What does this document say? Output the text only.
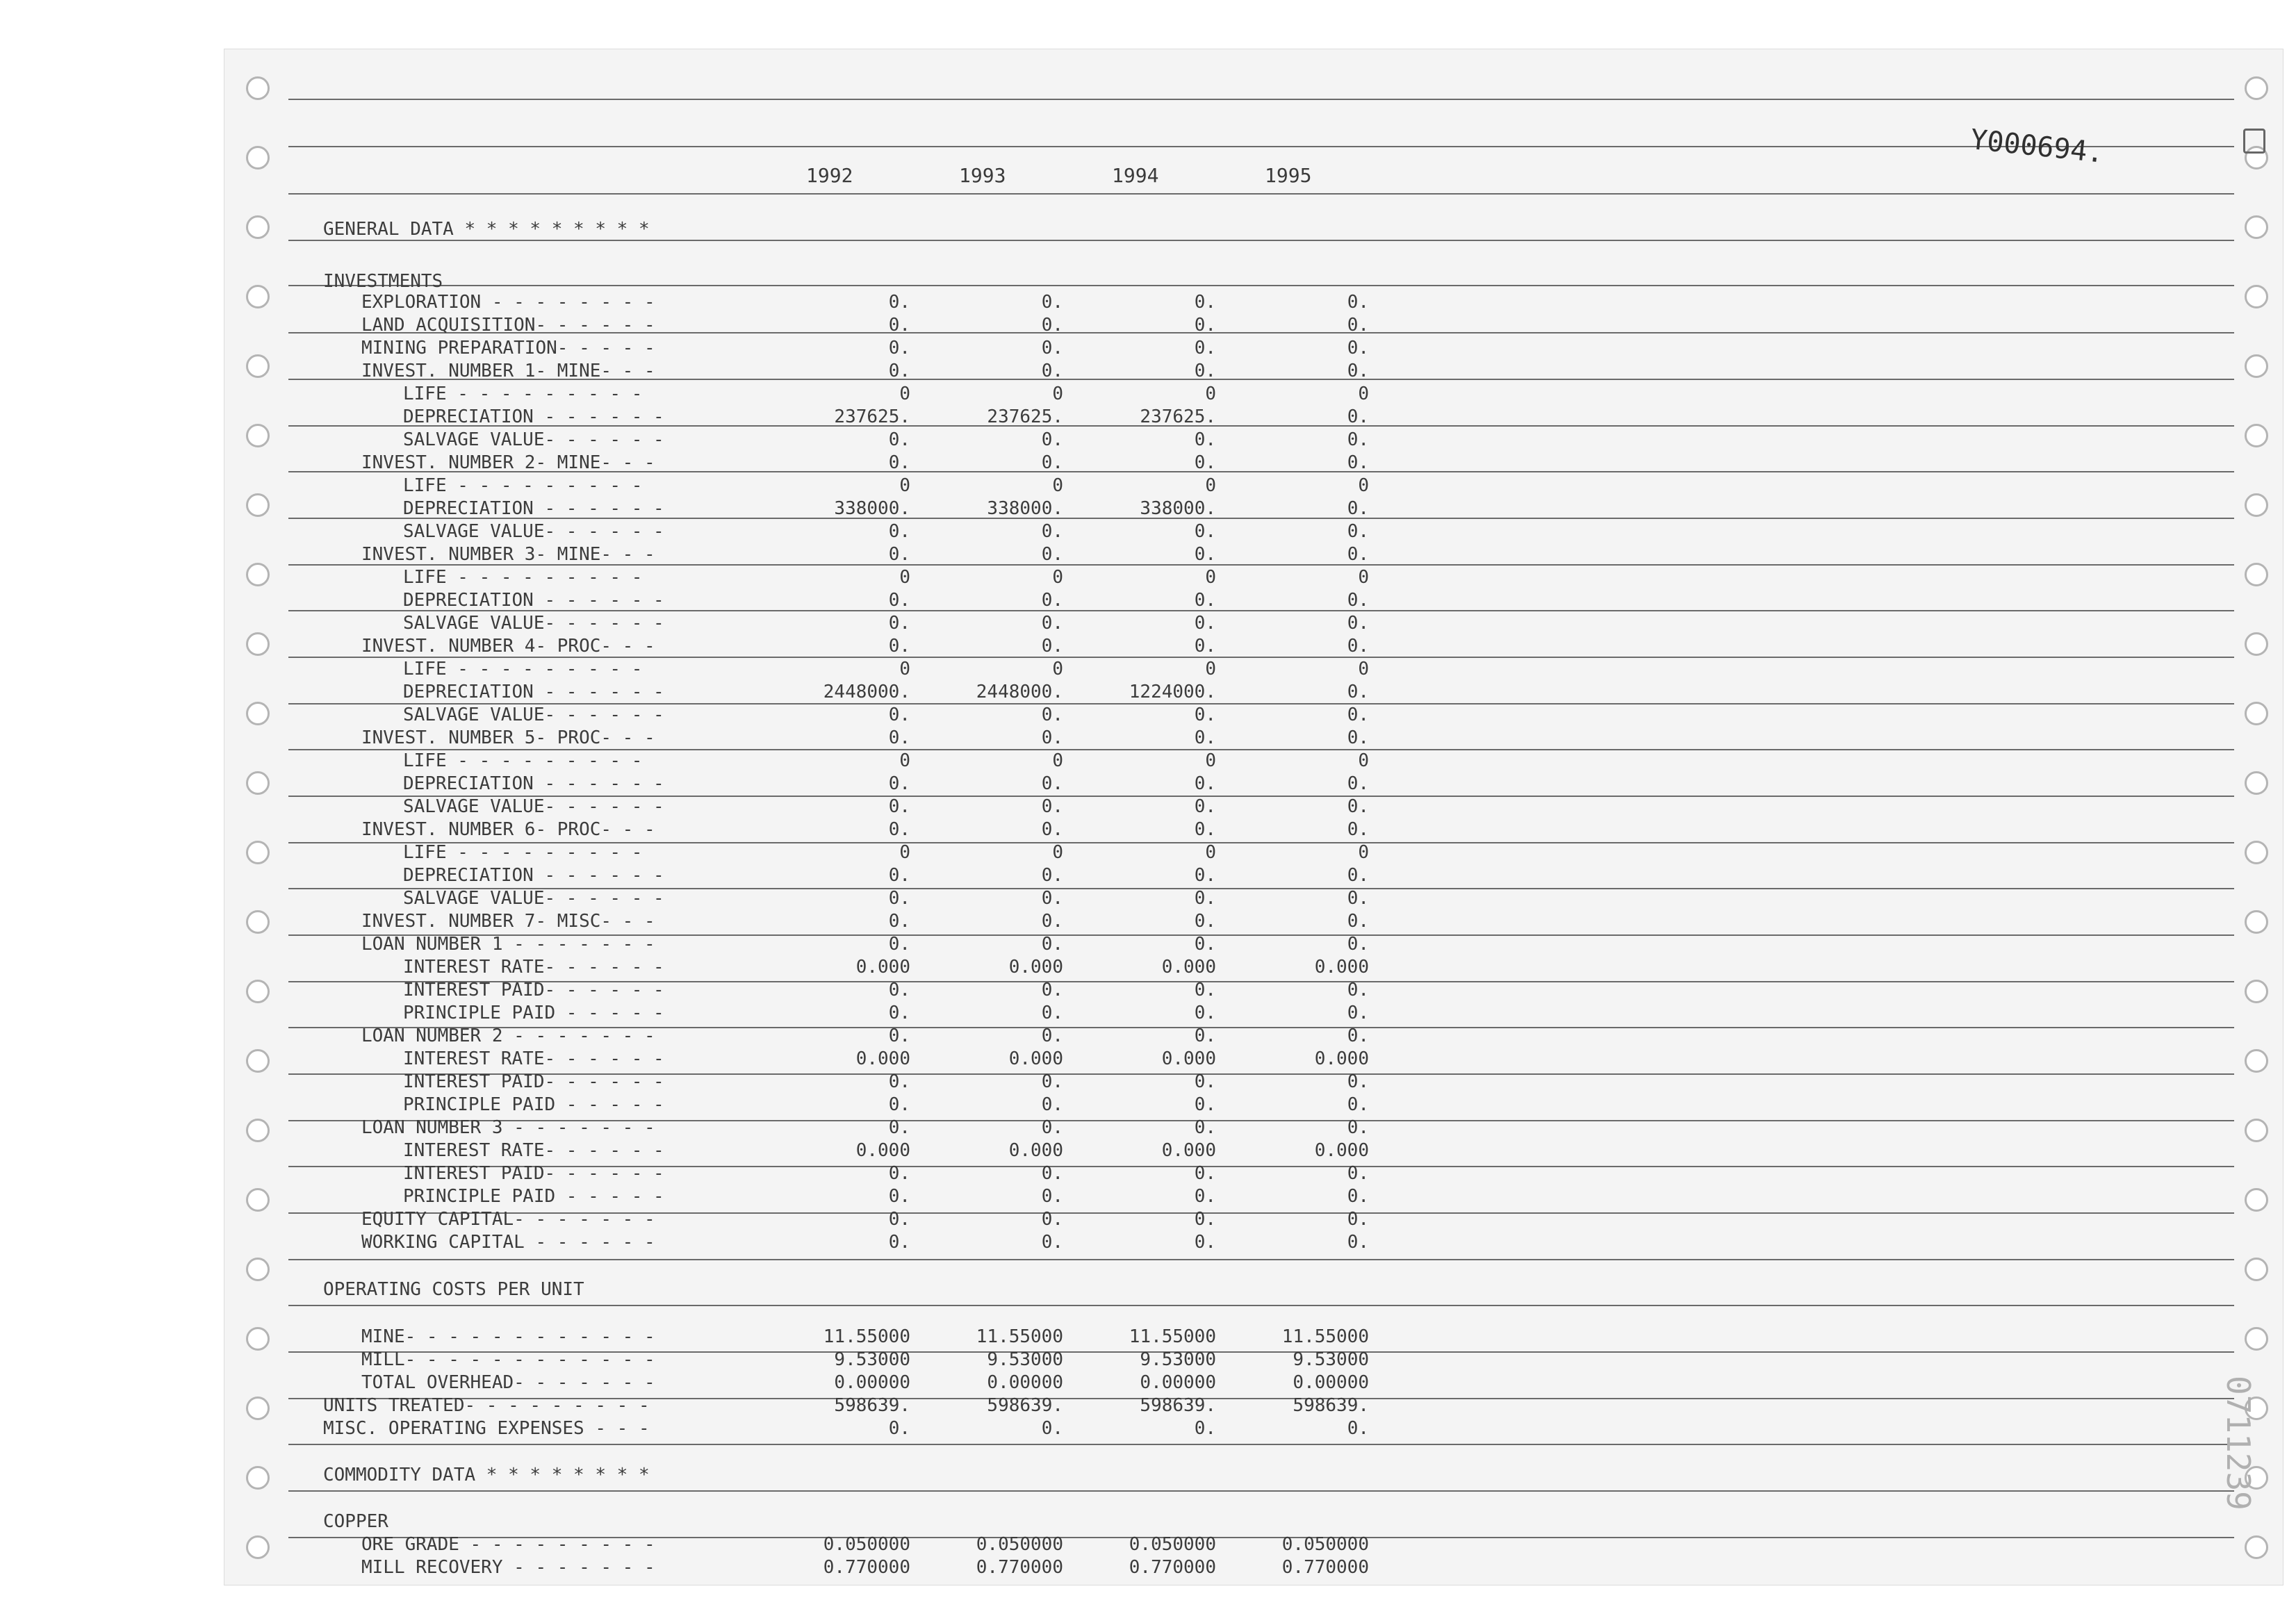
Y000694.
0711239
1992	1993	1994	1995
GENERAL DATA * * * * * * * * *
INVESTMENTS
EXPLORATION - - - - - - - -	0.	0.	0.	0.
LAND ACQUISITION- - - - - -	0.	0.	0.	0.
MINING PREPARATION- - - - -	0.	0.	0.	0.
INVEST. NUMBER 1- MINE- - -	0.	0.	0.	0.
LIFE - - - - - - - - -	0	0	0	0
DEPRECIATION - - - - - -	237625.	237625.	237625.	0.
SALVAGE VALUE- - - - - -	0.	0.	0.	0.
INVEST. NUMBER 2- MINE- - -	0.	0.	0.	0.
LIFE - - - - - - - - -	0	0	0	0
DEPRECIATION - - - - - -	338000.	338000.	338000.	0.
SALVAGE VALUE- - - - - -	0.	0.	0.	0.
INVEST. NUMBER 3- MINE- - -	0.	0.	0.	0.
LIFE - - - - - - - - -	0	0	0	0
DEPRECIATION - - - - - -	0.	0.	0.	0.
SALVAGE VALUE- - - - - -	0.	0.	0.	0.
INVEST. NUMBER 4- PROC- - -	0.	0.	0.	0.
LIFE - - - - - - - - -	0	0	0	0
DEPRECIATION - - - - - -	2448000.	2448000.	1224000.	0.
SALVAGE VALUE- - - - - -	0.	0.	0.	0.
INVEST. NUMBER 5- PROC- - -	0.	0.	0.	0.
LIFE - - - - - - - - -	0	0	0	0
DEPRECIATION - - - - - -	0.	0.	0.	0.
SALVAGE VALUE- - - - - -	0.	0.	0.	0.
INVEST. NUMBER 6- PROC- - -	0.	0.	0.	0.
LIFE - - - - - - - - -	0	0	0	0
DEPRECIATION - - - - - -	0.	0.	0.	0.
SALVAGE VALUE- - - - - -	0.	0.	0.	0.
INVEST. NUMBER 7- MISC- - -	0.	0.	0.	0.
LOAN NUMBER 1 - - - - - - -	0.	0.	0.	0.
INTEREST RATE- - - - - -	0.000	0.000	0.000	0.000
INTEREST PAID- - - - - -	0.	0.	0.	0.
PRINCIPLE PAID - - - - -	0.	0.	0.	0.
LOAN NUMBER 2 - - - - - - -	0.	0.	0.	0.
INTEREST RATE- - - - - -	0.000	0.000	0.000	0.000
INTEREST PAID- - - - - -	0.	0.	0.	0.
PRINCIPLE PAID - - - - -	0.	0.	0.	0.
LOAN NUMBER 3 - - - - - - -	0.	0.	0.	0.
INTEREST RATE- - - - - -	0.000	0.000	0.000	0.000
INTEREST PAID- - - - - -	0.	0.	0.	0.
PRINCIPLE PAID - - - - -	0.	0.	0.	0.
EQUITY CAPITAL- - - - - - -	0.	0.	0.	0.
WORKING CAPITAL - - - - - -	0.	0.	0.	0.
OPERATING COSTS PER UNIT
MINE- - - - - - - - - - - -	11.55000	11.55000	11.55000	11.55000
MILL- - - - - - - - - - - -	9.53000	9.53000	9.53000	9.53000
TOTAL OVERHEAD- - - - - - -	0.00000	0.00000	0.00000	0.00000
UNITS TREATED- - - - - - - - -	598639.	598639.	598639.	598639.
MISC. OPERATING EXPENSES - - -	0.	0.	0.	0.
COMMODITY DATA * * * * * * * *
COPPER
ORE GRADE - - - - - - - - -	0.050000	0.050000	0.050000	0.050000
MILL RECOVERY - - - - - - -	0.770000	0.770000	0.770000	0.770000
